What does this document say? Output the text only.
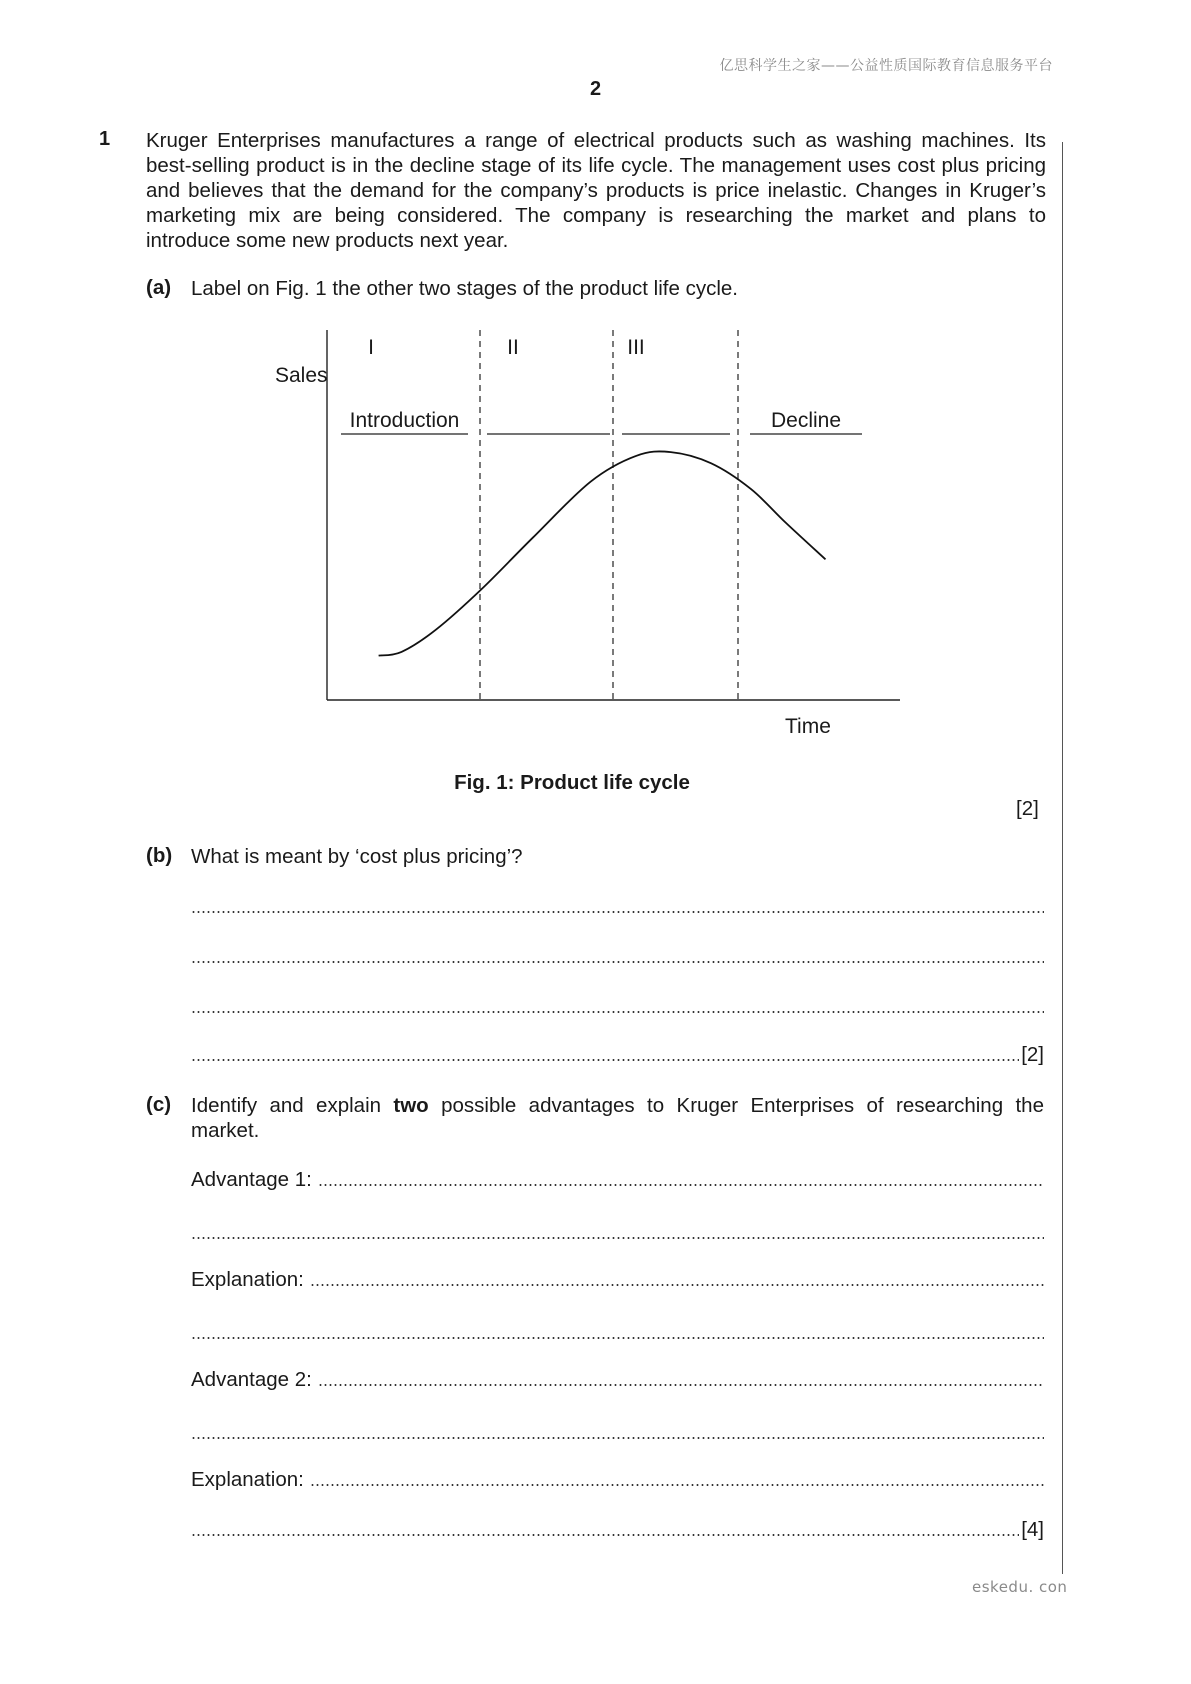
亿思科学生之家——公益性质国际教育信息服务平台
2
1 Kruger Enterprises manufactures a range of electrical products such as washing machines. Its best-selling product is in the decline stage of its life cycle. The management uses cost plus pricing and believes that the demand for the company’s products is price inelastic. Changes in Kruger’s marketing mix are being considered. The company is researching the market and plans to introduce some new products next year.
(a) Label on Fig. 1 the other two stages of the product life cycle.
Sales
Time
I	II	III
Introduction	Decline
Fig. 1: Product life cycle
[2]
(b) What is meant by ‘cost plus pricing’?
[2]
(c) Identify and explain two possible advantages to Kruger Enterprises of researching the market.
Advantage 1:
Explanation:
Advantage 2:
Explanation:
[4]
eskedu. con
